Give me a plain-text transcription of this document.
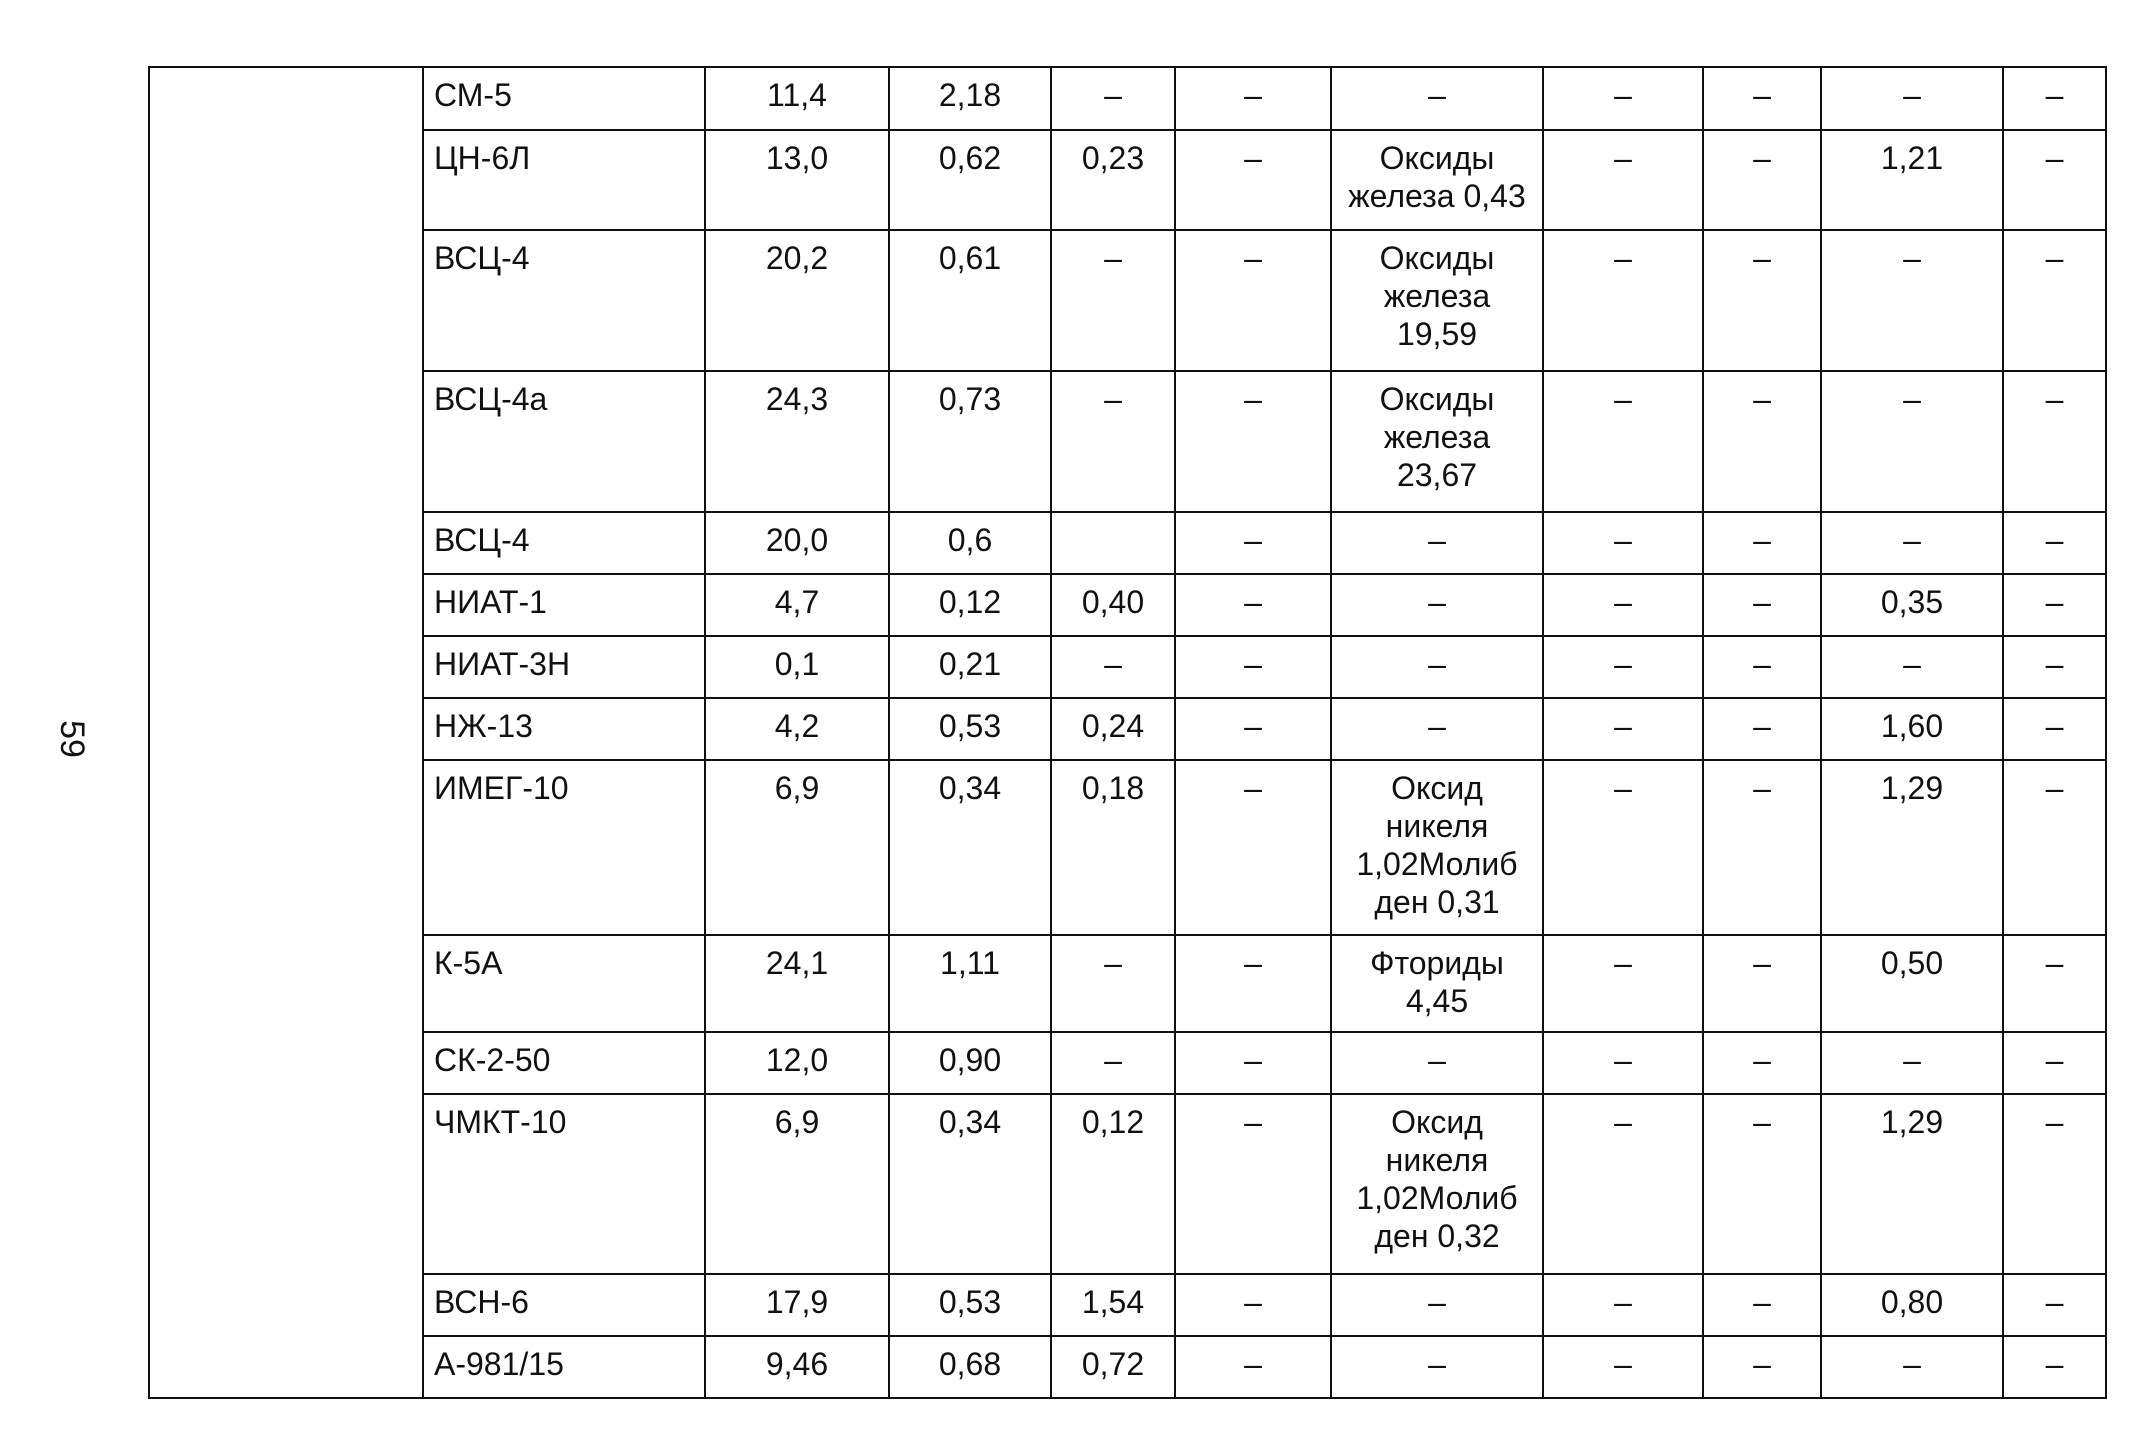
59
	СМ-5	11,4	2,18	–	–	–	–	–	–	–
	ЦН-6Л	13,0	0,62	0,23	–	Оксиды
железа 0,43	–	–	1,21	–
	ВСЦ-4	20,2	0,61	–	–	Оксиды
железа
19,59	–	–	–	–
	ВСЦ-4а	24,3	0,73	–	–	Оксиды
железа
23,67	–	–	–	–
	ВСЦ-4	20,0	0,6		–	–	–	–	–	–
	НИАТ-1	4,7	0,12	0,40	–	–	–	–	0,35	–
	НИАТ-3Н	0,1	0,21	–	–	–	–	–	–	–
	НЖ-13	4,2	0,53	0,24	–	–	–	–	1,60	–
	ИМЕГ-10	6,9	0,34	0,18	–	Оксид
никеля
1,02Молиб
ден 0,31	–	–	1,29	–
	К-5А	24,1	1,11	–	–	Фториды
4,45	–	–	0,50	–
	СК-2-50	12,0	0,90	–	–	–	–	–	–	–
	ЧМКТ-10	6,9	0,34	0,12	–	Оксид
никеля
1,02Молиб
ден 0,32	–	–	1,29	–
	ВСН-6	17,9	0,53	1,54	–	–	–	–	0,80	–
	А-981/15	9,46	0,68	0,72	–	–	–	–	–	–
